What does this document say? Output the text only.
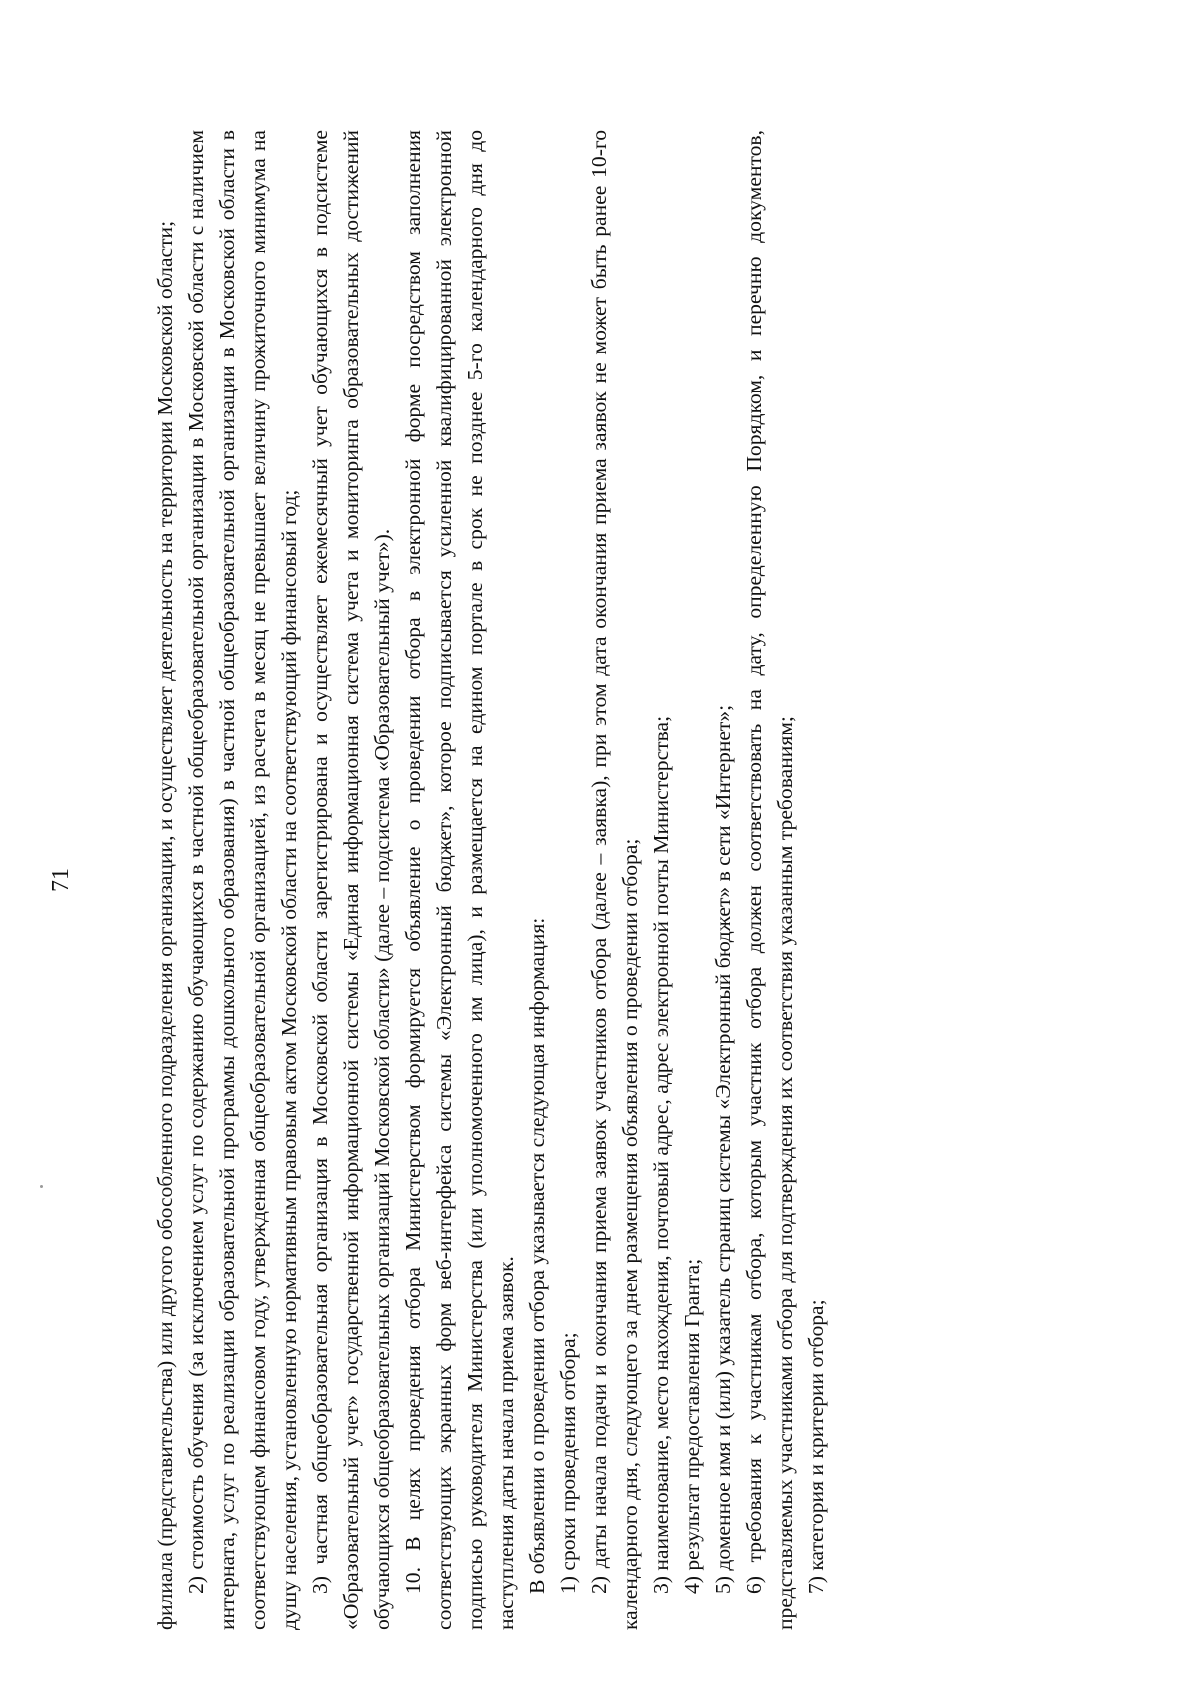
71	филиала (представительства) или другого обособленного подразделения организации, и осуществляет деятельность на территории Московской области; 2) стоимость обучения (за исключением услуг по содержанию обучающихся в частной общеобразовательной организации в Московской области с наличием интерната, услуг по реализации образовательной программы дошкольного образования) в частной общеобразовательной организации в Московской области в соответствующем финансовом году, утвержденная общеобразовательной организацией, из расчета в месяц не превышает величину прожиточного минимума на душу населения, установленную нормативным правовым актом Московской области на соответствующий финансовый год; 3) частная общеобразовательная организация в Московской области зарегистрирована и осуществляет ежемесячный учет обучающихся в подсистеме «Образовательный учет» государственной информационной системы «Единая информационная система учета и мониторинга образовательных достижений обучающихся общеобразовательных организаций Московской области» (далее – подсистема «Образовательный учет»). 10. В целях проведения отбора Министерством формируется объявление о проведении отбора в электронной форме посредством заполнения соответствующих экранных форм веб-интерфейса системы «Электронный бюджет», которое подписывается усиленной квалифицированной электронной подписью руководителя Министерства (или уполномоченного им лица), и размещается на едином портале в срок не позднее 5-го календарного дня до наступления даты начала приема заявок. В объявлении о проведении отбора указывается следующая информация: 1) сроки проведения отбора; 2) даты начала подачи и окончания приема заявок участников отбора (далее – заявка), при этом дата окончания приема заявок не может быть ранее 10-го календарного дня, следующего за днем размещения объявления о проведении отбора; 3) наименование, место нахождения, почтовый адрес, адрес электронной почты Министерства; 4) результат предоставления Гранта; 5) доменное имя и (или) указатель страниц системы «Электронный бюджет» в сети «Интернет»; 6) требования к участникам отбора, которым участник отбора должен соответствовать на дату, определенную Порядком, и перечню документов, представляемых участниками отбора для подтверждения их соответствия указанным требованиям; 7) категория и критерии отбора;
